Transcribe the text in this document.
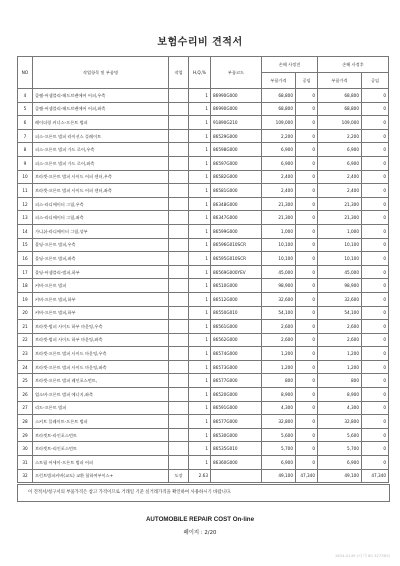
보험수리비 견적서
NO	작업항목 및 부품명	작업	H,Q,%	부품코드	손해 사정전		손해 사정후	
					부품가격	공임	부품가격	공임
4	클램-어셈블리-헤드브랜에어 어퍼,우측		1	86990G000	68,800	0	68,800	0
5	클램-어셈블리-헤드브랜에어 어퍼,좌측		1	86990G000	68,800	0	68,800	0
6	레이더링 커너스-프론트 범퍼		1	91890G210	109,000	0	109,000	0
7	피스-프론트 범퍼 라이선스 플레이트		1	86529G000	2,200	0	2,200	0
8	피스-프론트 범퍼 가드 로어,우측		1	86598G000	6,900	0	6,900	0
9	피스-프론트 범퍼 가드 로어,좌측		1	86597G000	6,900	0	6,900	0
10	브라켓-프론트 범퍼 사이드 어퍼 센터,우측		1	86582G000	2,400	0	2,400	0
11	브라켓-프론트 범퍼 사이드 어퍼 센터,좌측		1	86581G000	2,400	0	2,400	0
12	피스-라디에이터 그릴,우측		1	86348G000	21,300	0	21,300	0
13	피스-라디에이터 그릴,좌측		1	86347G000	21,300	0	21,300	0
14	가니쉬-라디에이터 그릴,상부		1	86599G000	1,000	0	1,000	0
15	몰딩-프론트 범퍼,우측		1	86596G010SCR	10,100	0	10,100	0
16	몰딩-프론트 범퍼,좌측		1	86595G010SCR	10,100	0	10,100	0
17	몰딩-어셈블리-범퍼,하부		1	86569G000YEV	45,000	0	45,000	0
18	커버-프론트 범퍼		1	86510G000	98,900	0	98,900	0
19	커버-프론트 범퍼,하부		1	86512G000	32,600	0	32,600	0
20	커버-프론트 범퍼,하부		1	86550G010	54,100	0	54,100	0
21	브라켓-범퍼 사이드 하부 마운팅,우측		1	86561G000	2,600	0	2,600	0
22	브라켓-범퍼 사이드 하부 마운팅,좌측		1	86562G000	2,600	0	2,600	0
23	브라켓-프론트 범퍼 사이드 마운팅,우측		1	86574G000	1,200	0	1,200	0
24	브라켓-프론트 범퍼 사이드 마운팅,좌측		1	86573G000	1,200	0	1,200	0
25	브라켓-프론트 범퍼 레인포스먼트,		1	86577G000	800	0	800	0
26	업소버-프론트 범퍼 에너지,좌측		1	86520G000	8,900	0	8,900	0
27	리드-프론트 범퍼		1	86591G000	4,300	0	4,300	0
28	스커트 플레이트-프론트 범퍼		1	86577G000	32,800	0	32,800	0
29	브라켓트-라인포스먼트		1	86530G000	5,600	0	5,600	0
30	브라켓트-리인포스먼트		1	86535G010	5,700	0	5,700	0
31	스트립 어세이-프론트 범퍼 어퍼		1	86360G000	6,900	0	6,900	0
32	프런트범퍼커버(교도) 교환 합하여부이스+	도장	2.63		49,100	47,340	49,100	47,340
이 견적서/청구서의 부품가격은 참고 가격이므로 거래일 기준 실거래가격을 확인하여 사용하시기 바랍니다.
AUTOMOBILE REPAIR COST On-line
페이지 : 2/20
1634-0149 (티 미 80 327363)
